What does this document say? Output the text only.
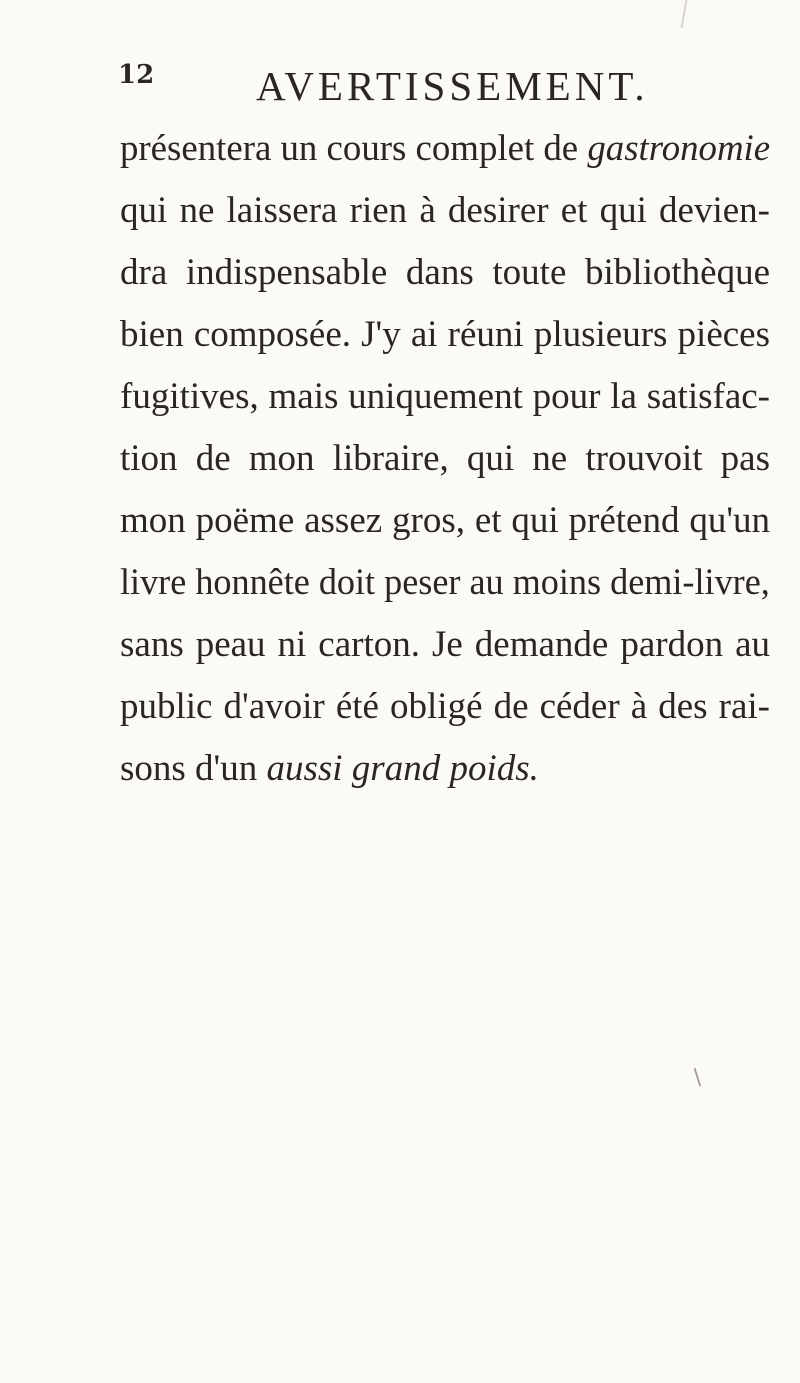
12 AVERTISSEMENT.
présentera un cours complet de gastronomie
qui ne laissera rien à desirer et qui devien-
dra indispensable dans toute bibliothèque
bien composée. J'y ai réuni plusieurs pièces
fugitives, mais uniquement pour la satisfac-
tion de mon libraire, qui ne trouvoit pas
mon poëme assez gros, et qui prétend qu'un
livre honnête doit peser au moins demi-livre,
sans peau ni carton. Je demande pardon au
public d'avoir été obligé de céder à des rai-
sons d'un aussi grand poids.
/
